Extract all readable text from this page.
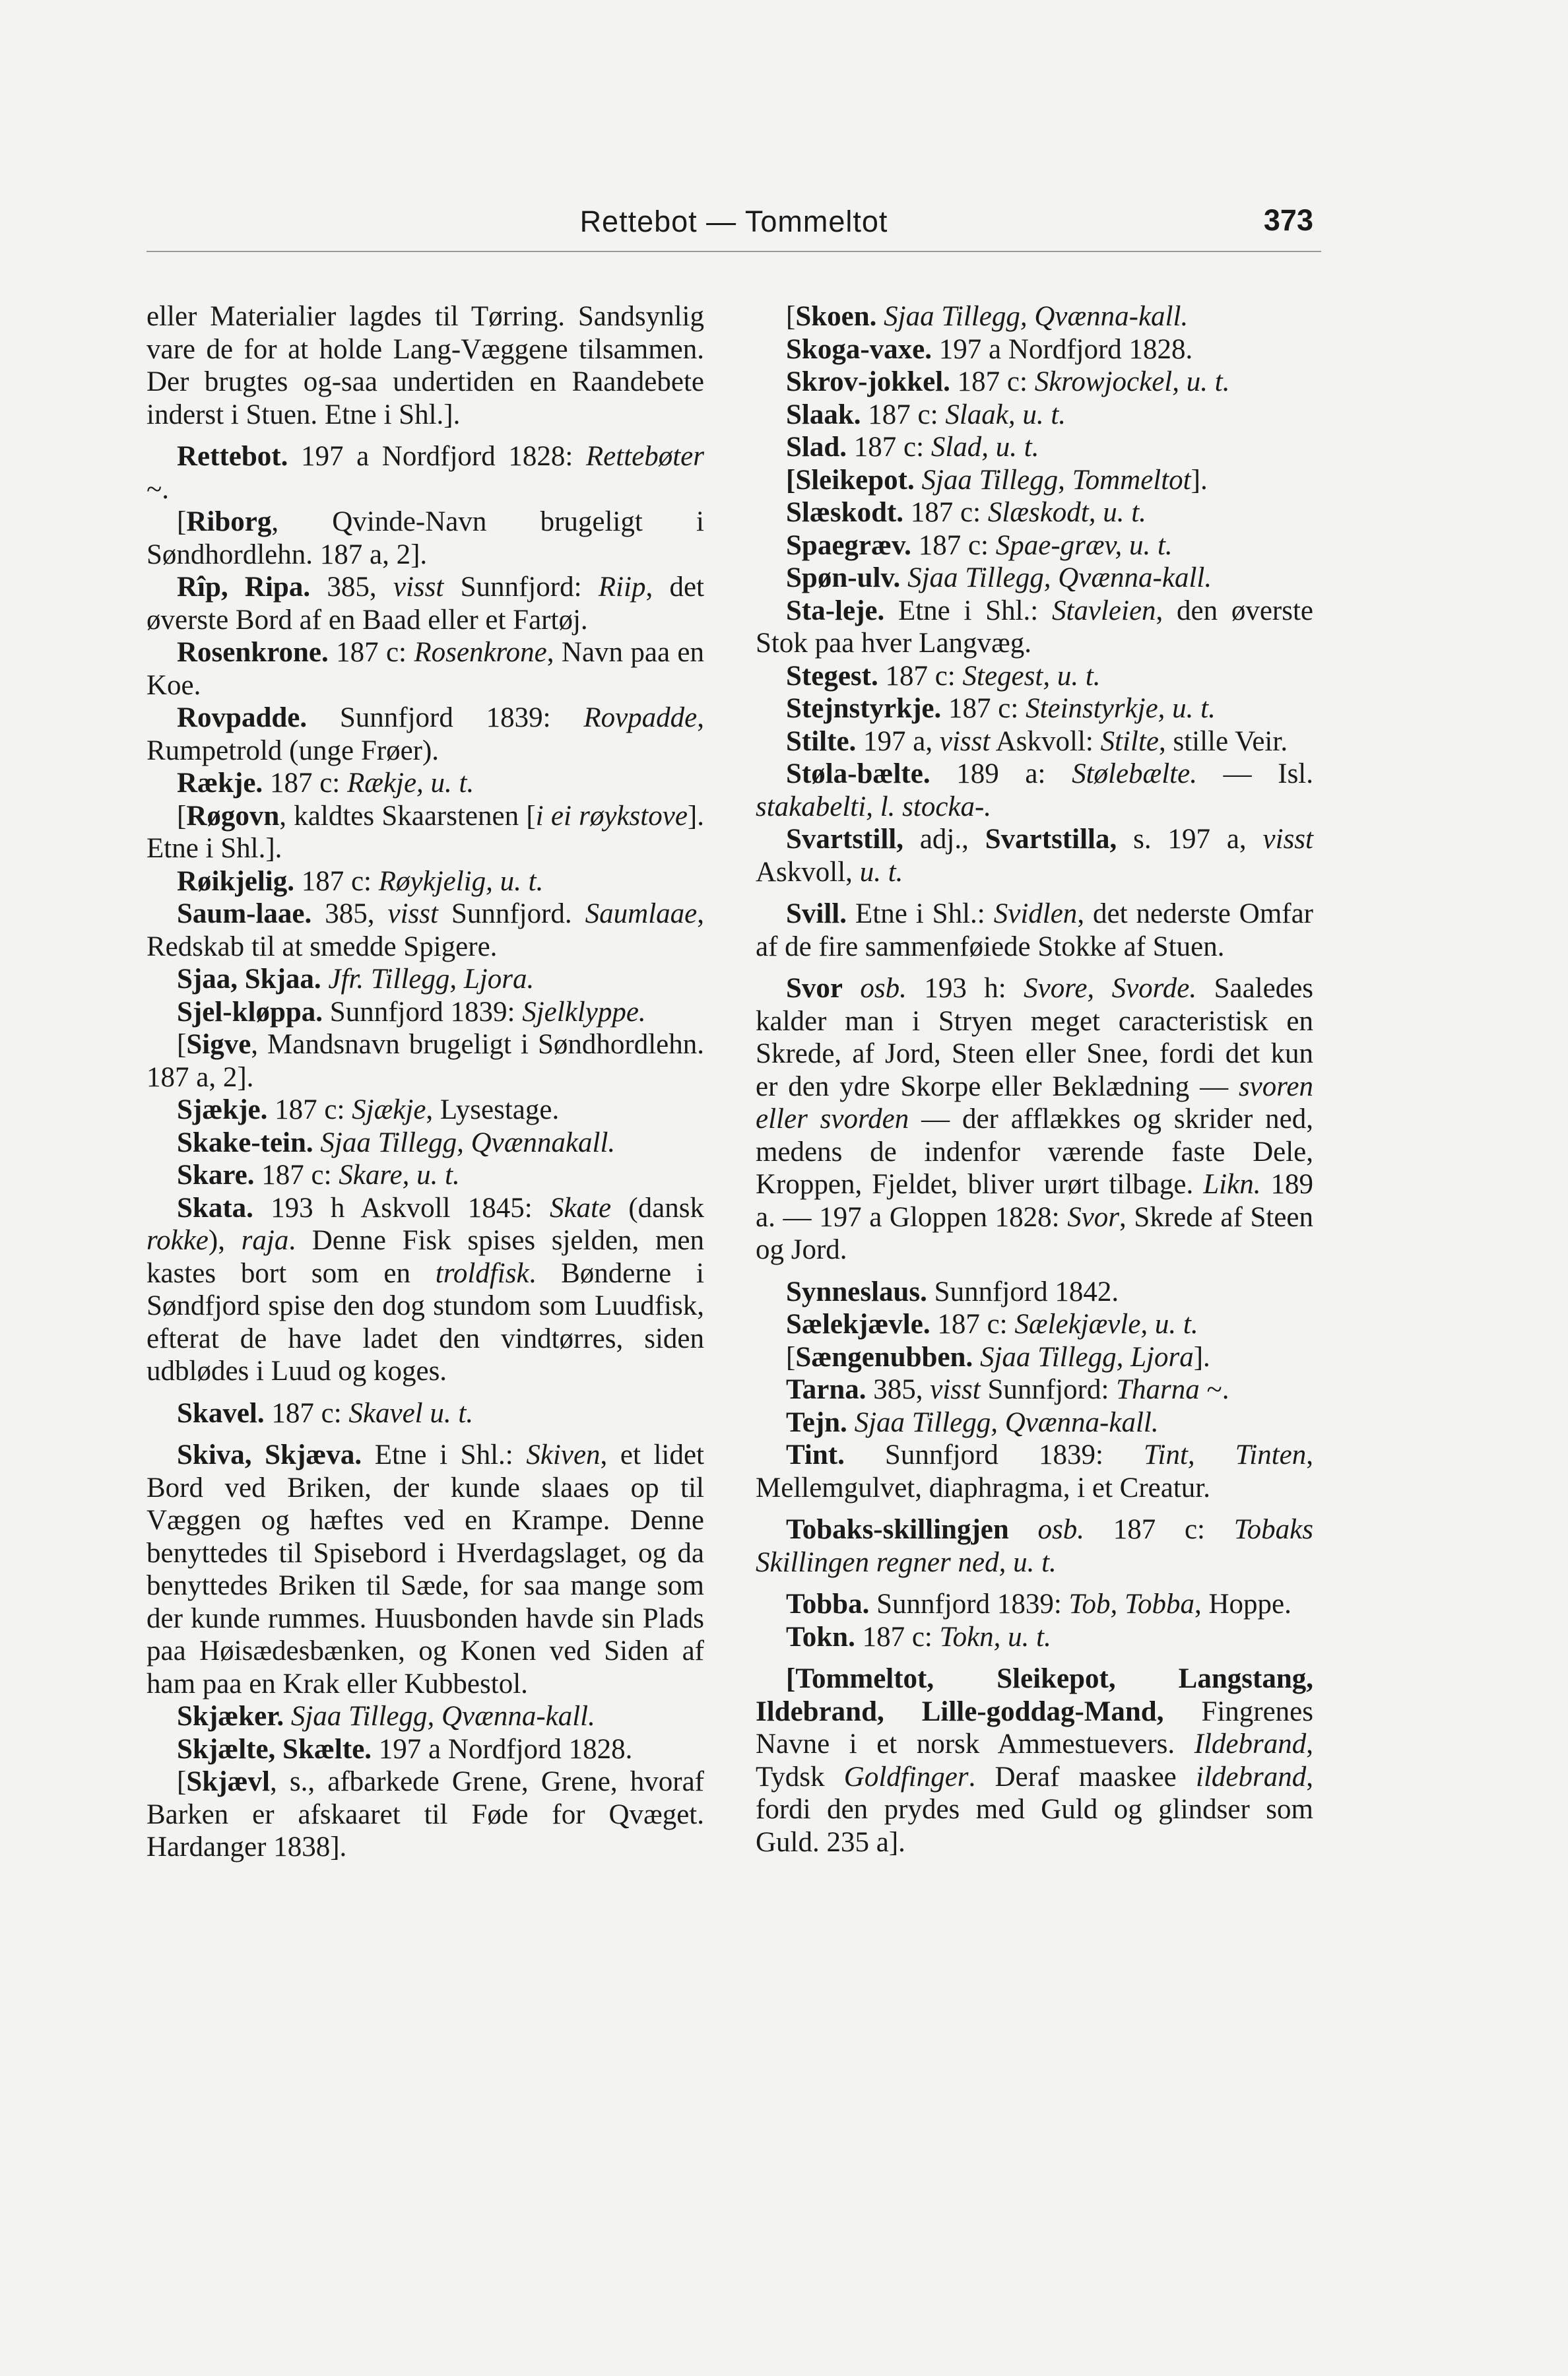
Rettebot — Tommeltot	373

eller Materialier lagdes til Tørring. Sandsynlig vare de for at holde Lang-Væggene tilsammen. Der brugtes og-saa undertiden en Raandebete inderst i Stuen. Etne i Shl.].

Rettebot. 197 a Nordfjord 1828: Rettebøter ~.

[Riborg, Qvinde-Navn brugeligt i Søndhordlehn. 187 a, 2].

Rîp, Ripa. 385, visst Sunnfjord: Riip, det øverste Bord af en Baad eller et Fartøj.

Rosenkrone. 187 c: Rosenkrone, Navn paa en Koe.

Rovpadde. Sunnfjord 1839: Rovpadde, Rumpetrold (unge Frøer).

Rækje. 187 c: Rækje, u. t.

[Røgovn, kaldtes Skaarstenen [i ei røykstove]. Etne i Shl.].

Røikjelig. 187 c: Røykjelig, u. t.

Saum-laae. 385, visst Sunnfjord. Saumlaae, Redskab til at smedde Spigere.

Sjaa, Skjaa. Jfr. Tillegg, Ljora.

Sjel-kløppa. Sunnfjord 1839: Sjelklyppe.

[Sigve, Mandsnavn brugeligt i Søndhordlehn. 187 a, 2].

Sjækje. 187 c: Sjækje, Lysestage.

Skake-tein. Sjaa Tillegg, Qvænnakall.

Skare. 187 c: Skare, u. t.

Skata. 193 h Askvoll 1845: Skate (dansk rokke), raja. Denne Fisk spises sjelden, men kastes bort som en troldfisk. Bønderne i Søndfjord spise den dog stundom som Luudfisk, efterat de have ladet den vindtørres, siden udblødes i Luud og koges.

Skavel. 187 c: Skavel u. t.

Skiva, Skjæva. Etne i Shl.: Skiven, et lidet Bord ved Briken, der kunde slaaes op til Væggen og hæftes ved en Krampe. Denne benyttedes til Spisebord i Hverdagslaget, og da benyttedes Briken til Sæde, for saa mange som der kunde rummes. Huusbonden havde sin Plads paa Høisædesbænken, og Konen ved Siden af ham paa en Krak eller Kubbestol.

Skjæker. Sjaa Tillegg, Qvænna-kall.

Skjælte, Skælte. 197 a Nordfjord 1828.

[Skjævl, s., afbarkede Grene, Grene, hvoraf Barken er afskaaret til Føde for Qvæget. Hardanger 1838].

[Skoen. Sjaa Tillegg, Qvænna-kall.

Skoga-vaxe. 197 a Nordfjord 1828.

Skrov-jokkel. 187 c: Skrowjockel, u. t.

Slaak. 187 c: Slaak, u. t.

Slad. 187 c: Slad, u. t.

[Sleikepot. Sjaa Tillegg, Tommeltot].

Slæskodt. 187 c: Slæskodt, u. t.

Spaegræv. 187 c: Spae-græv, u. t.

Spøn-ulv. Sjaa Tillegg, Qvænna-kall.

Sta-leje. Etne i Shl.: Stavleien, den øverste Stok paa hver Langvæg.

Stegest. 187 c: Stegest, u. t.

Stejnstyrkje. 187 c: Steinstyrkje, u. t.

Stilte. 197 a, visst Askvoll: Stilte, stille Veir.

Støla-bælte. 189 a: Stølebælte. — Isl. stakabelti, l. stocka-.

Svartstill, adj., Svartstilla, s. 197 a, visst Askvoll, u. t.

Svill. Etne i Shl.: Svidlen, det nederste Omfar af de fire sammenføiede Stokke af Stuen.

Svor osb. 193 h: Svore, Svorde. Saaledes kalder man i Stryen meget caracteristisk en Skrede, af Jord, Steen eller Snee, fordi det kun er den ydre Skorpe eller Beklædning — svoren eller svorden — der afflækkes og skrider ned, medens de indenfor værende faste Dele, Kroppen, Fjeldet, bliver urørt tilbage. Likn. 189 a. — 197 a Gloppen 1828: Svor, Skrede af Steen og Jord.

Synneslaus. Sunnfjord 1842.

Sælekjævle. 187 c: Sælekjævle, u. t.

[Sængenubben. Sjaa Tillegg, Ljora].

Tarna. 385, visst Sunnfjord: Tharna ~.

Tejn. Sjaa Tillegg, Qvænna-kall.

Tint. Sunnfjord 1839: Tint, Tinten, Mellemgulvet, diaphragma, i et Creatur.

Tobaks-skillingjen osb. 187 c: Tobaks Skillingen regner ned, u. t.

Tobba. Sunnfjord 1839: Tob, Tobba, Hoppe.

Tokn. 187 c: Tokn, u. t.

[Tommeltot, Sleikepot, Langstang, Ildebrand, Lille-goddag-Mand, Fingrenes Navne i et norsk Ammestuevers. Ildebrand, Tydsk Goldfinger. Deraf maaskee ildebrand, fordi den prydes med Guld og glindser som Guld. 235 a].
